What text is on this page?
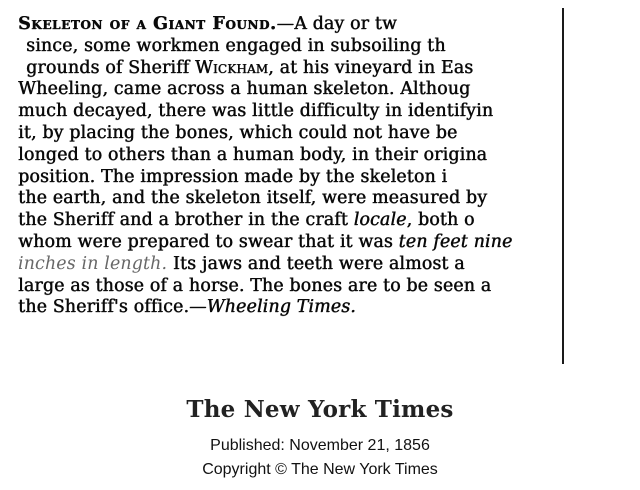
Skeleton of a Giant Found.—A day or tw
since, some workmen engaged in subsoiling th
grounds of Sheriff Wickham, at his vineyard in Eas
Wheeling, came across a human skeleton. Althoug
much decayed, there was little difficulty in identifyin
it, by placing the bones, which could not have be
longed to others than a human body, in their origina
position. The impression made by the skeleton i
the earth, and the skeleton itself, were measured by
the Sheriff and a brother in the craft locale, both o
whom were prepared to swear that it was ten feet nine
inches in length. Its jaws and teeth were almost a
large as those of a horse. The bones are to be seen a
the Sheriff's office.—Wheeling Times.
The New York Times
Published: November 21, 1856
Copyright © The New York Times
